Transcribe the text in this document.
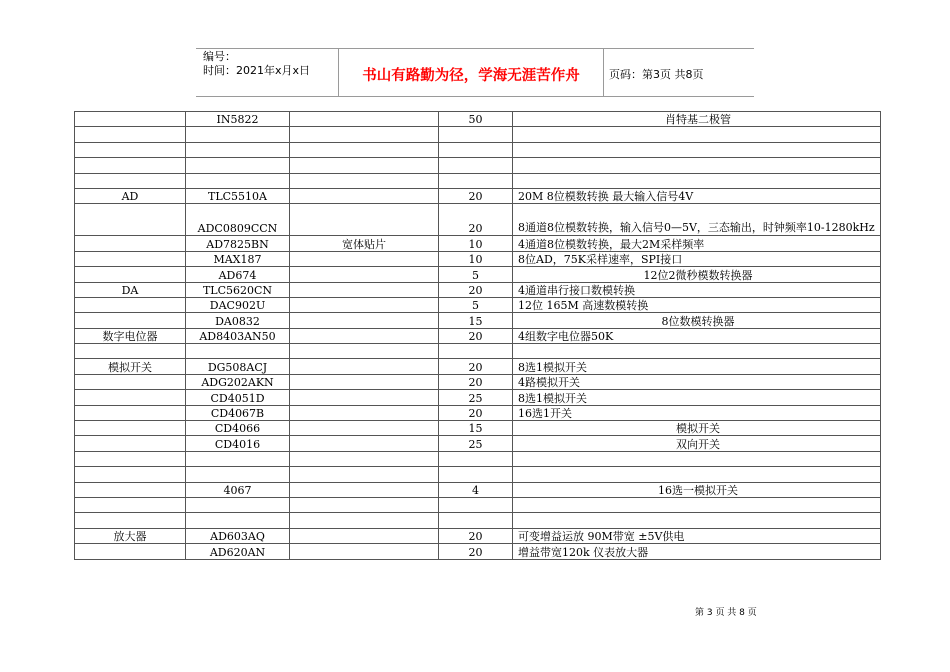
编号：
时间：2021年x月x日	书山有路勤为径，学海无涯苦作舟	页码：第3页 共8页
	IN5822		50	肖特基二极管

AD	TLC5510A		20	20M 8位模数转换 最大输入信号4V
	ADC0809CCN		20	8通道8位模数转换，输入信号0—5V，三态输出，时钟频率10-1280kHz
	AD7825BN	宽体贴片	10	4通道8位模数转换，最大2M采样频率
	MAX187		10	8位AD，75K采样速率，SPI接口
	AD674		5	12位2微秒模数转换器
DA	TLC5620CN		20	4通道串行接口数模转换
	DAC902U		5	12位 165M 高速数模转换
	DA0832		15	8位数模转换器
数字电位器	AD8403AN50		20	4组数字电位器50K

模拟开关	DG508ACJ		20	8选1模拟开关
	ADG202AKN		20	4路模拟开关
	CD4051D		25	8选1模拟开关
	CD4067B		20	16选1开关
	CD4066		15	模拟开关
	CD4016		25	双向开关

	4067		4	16选一模拟开关

放大器	AD603AQ		20	可变增益运放 90M带宽 ±5V供电
	AD620AN		20	增益带宽120k 仪表放大器
第 3 页 共 8 页
